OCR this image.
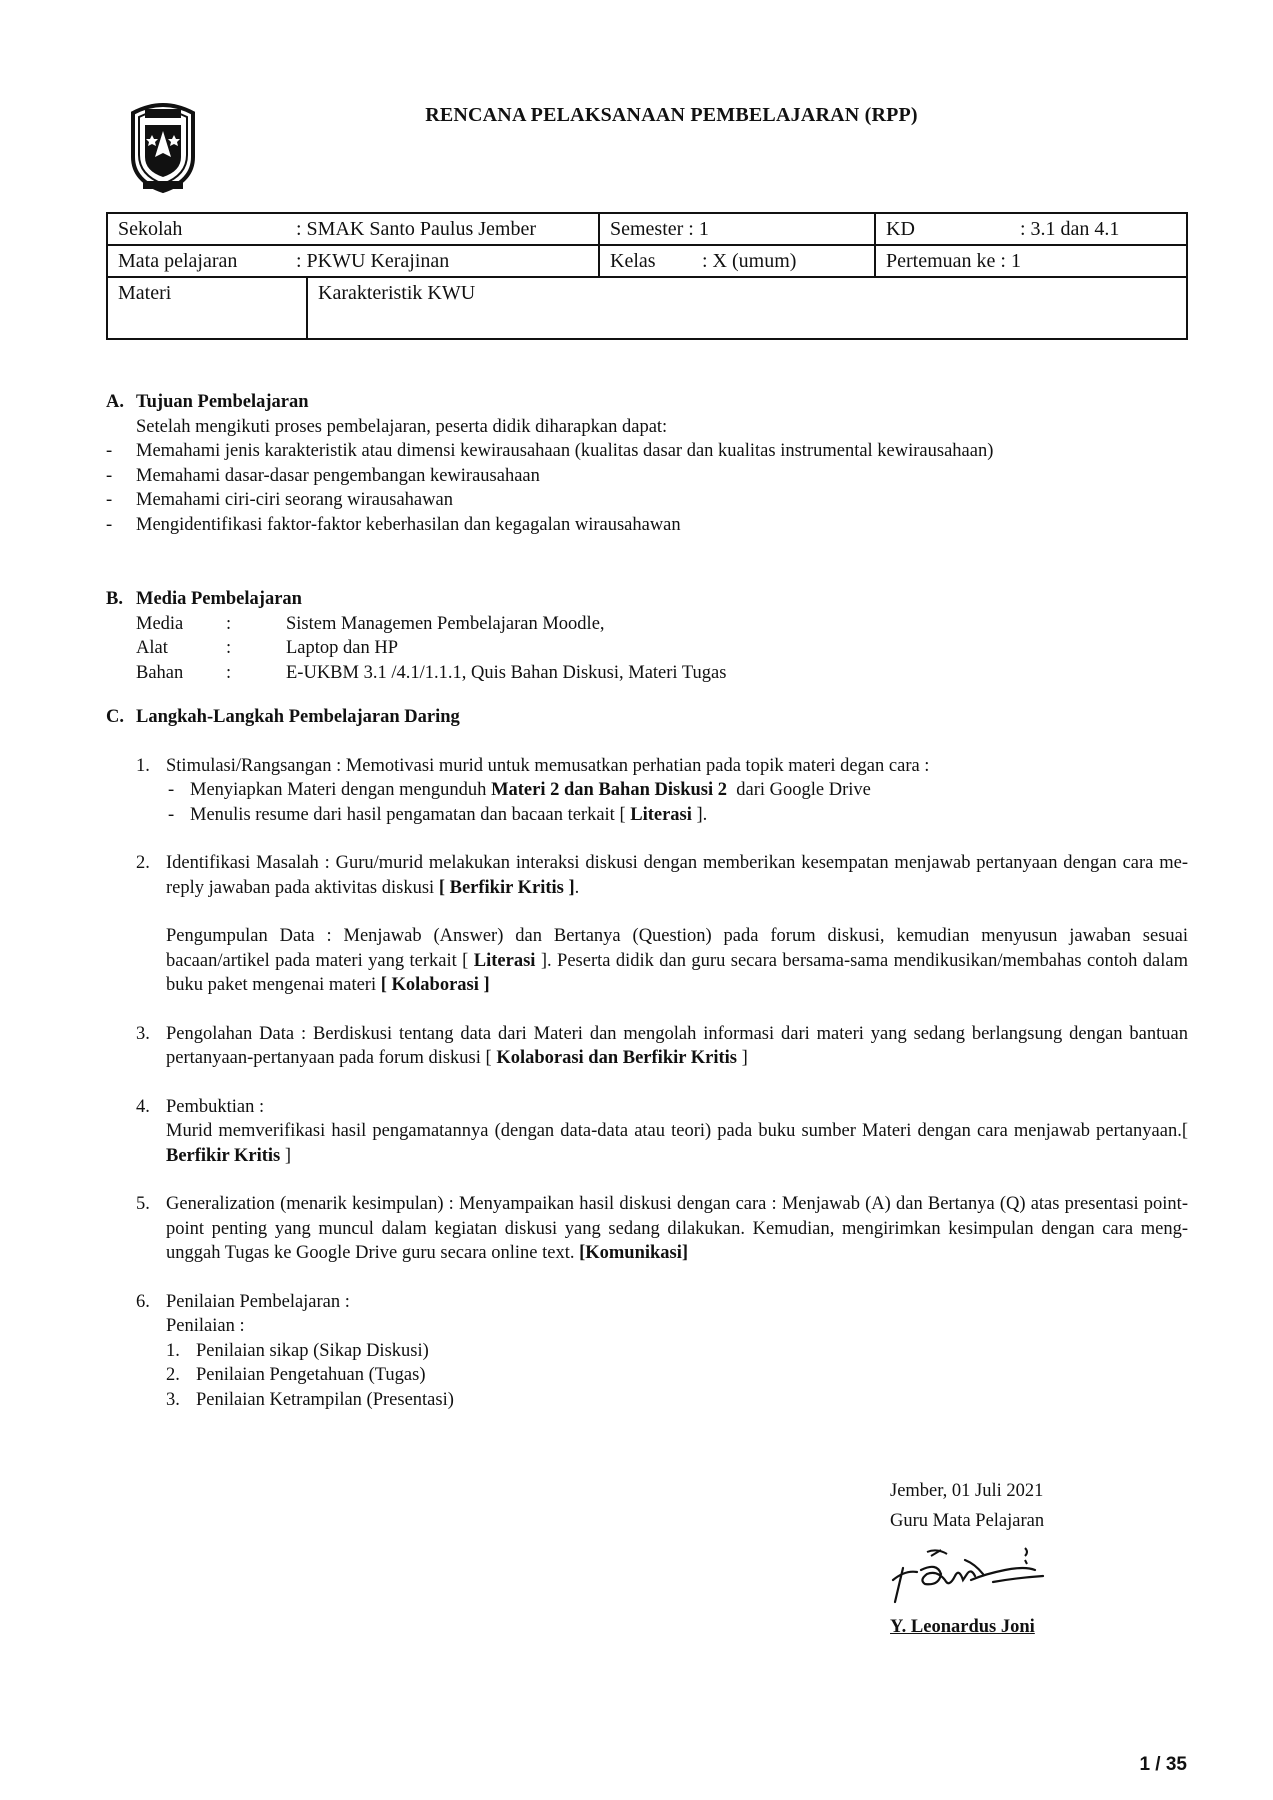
RENCANA PELAKSANAAN PEMBELAJARAN (RPP)
Sekolah : SMAK Santo Paulus Jember	Semester : 1	KD : 3.1 dan 4.1
Mata pelajaran : PKWU Kerajinan	Kelas : X (umum)	Pertemuan ke : 1

Materi Karakteristik KWU		
A. Tujuan Pembelajaran
Setelah mengikuti proses pembelajaran, peserta didik diharapkan dapat:
-	Memahami jenis karakteristik atau dimensi kewirausahaan (kualitas dasar dan kualitas instrumental kewirausahaan)
-	Memahami dasar-dasar pengembangan kewirausahaan
-	Memahami ciri-ciri seorang wirausahawan
-	Mengidentifikasi faktor-faktor keberhasilan dan kegagalan wirausahawan
B. Media Pembelajaran
Media	:	Sistem Managemen Pembelajaran Moodle,
Alat	:	Laptop dan HP
Bahan	:	E-UKBM 3.1 /4.1/1.1.1, Quis Bahan Diskusi, Materi Tugas
C. Langkah-Langkah Pembelajaran Daring
1. Stimulasi/Rangsangan : Memotivasi murid untuk memusatkan perhatian pada topik materi degan cara :
- Menyiapkan Materi dengan mengunduh Materi 2 dan Bahan Diskusi 2  dari Google Drive
- Menulis resume dari hasil pengamatan dan bacaan terkait [ Literasi ].
2. Identifikasi Masalah : Guru/murid melakukan interaksi diskusi dengan memberikan kesempatan menjawab pertanyaan dengan cara me-reply jawaban pada aktivitas diskusi [ Berfikir Kritis ].
Pengumpulan Data : Menjawab (Answer) dan Bertanya (Question) pada forum diskusi, kemudian menyusun jawaban sesuai bacaan/artikel pada materi yang terkait [ Literasi ]. Peserta didik dan guru secara bersama-sama mendikusikan/membahas contoh dalam buku paket mengenai materi [ Kolaborasi ]
3. Pengolahan Data : Berdiskusi tentang data dari Materi dan mengolah informasi dari materi yang sedang berlangsung dengan bantuan pertanyaan-pertanyaan pada forum diskusi [ Kolaborasi dan Berfikir Kritis ]
4. Pembuktian :
Murid memverifikasi hasil pengamatannya (dengan data-data atau teori) pada buku sumber Materi dengan cara menjawab pertanyaan.[ Berfikir Kritis ]
5. Generalization (menarik kesimpulan) : Menyampaikan hasil diskusi dengan cara : Menjawab (A) dan Bertanya (Q) atas presentasi point-point penting yang muncul dalam kegiatan diskusi yang sedang dilakukan. Kemudian, mengirimkan kesimpulan dengan cara meng-unggah Tugas ke Google Drive guru secara online text. [Komunikasi]
6. Penilaian Pembelajaran :
Penilaian :
1. Penilaian sikap (Sikap Diskusi)
2. Penilaian Pengetahuan (Tugas)
3. Penilaian Ketrampilan (Presentasi)
Jember, 01 Juli 2021
Guru Mata Pelajaran
Y. Leonardus Joni
1 / 35
